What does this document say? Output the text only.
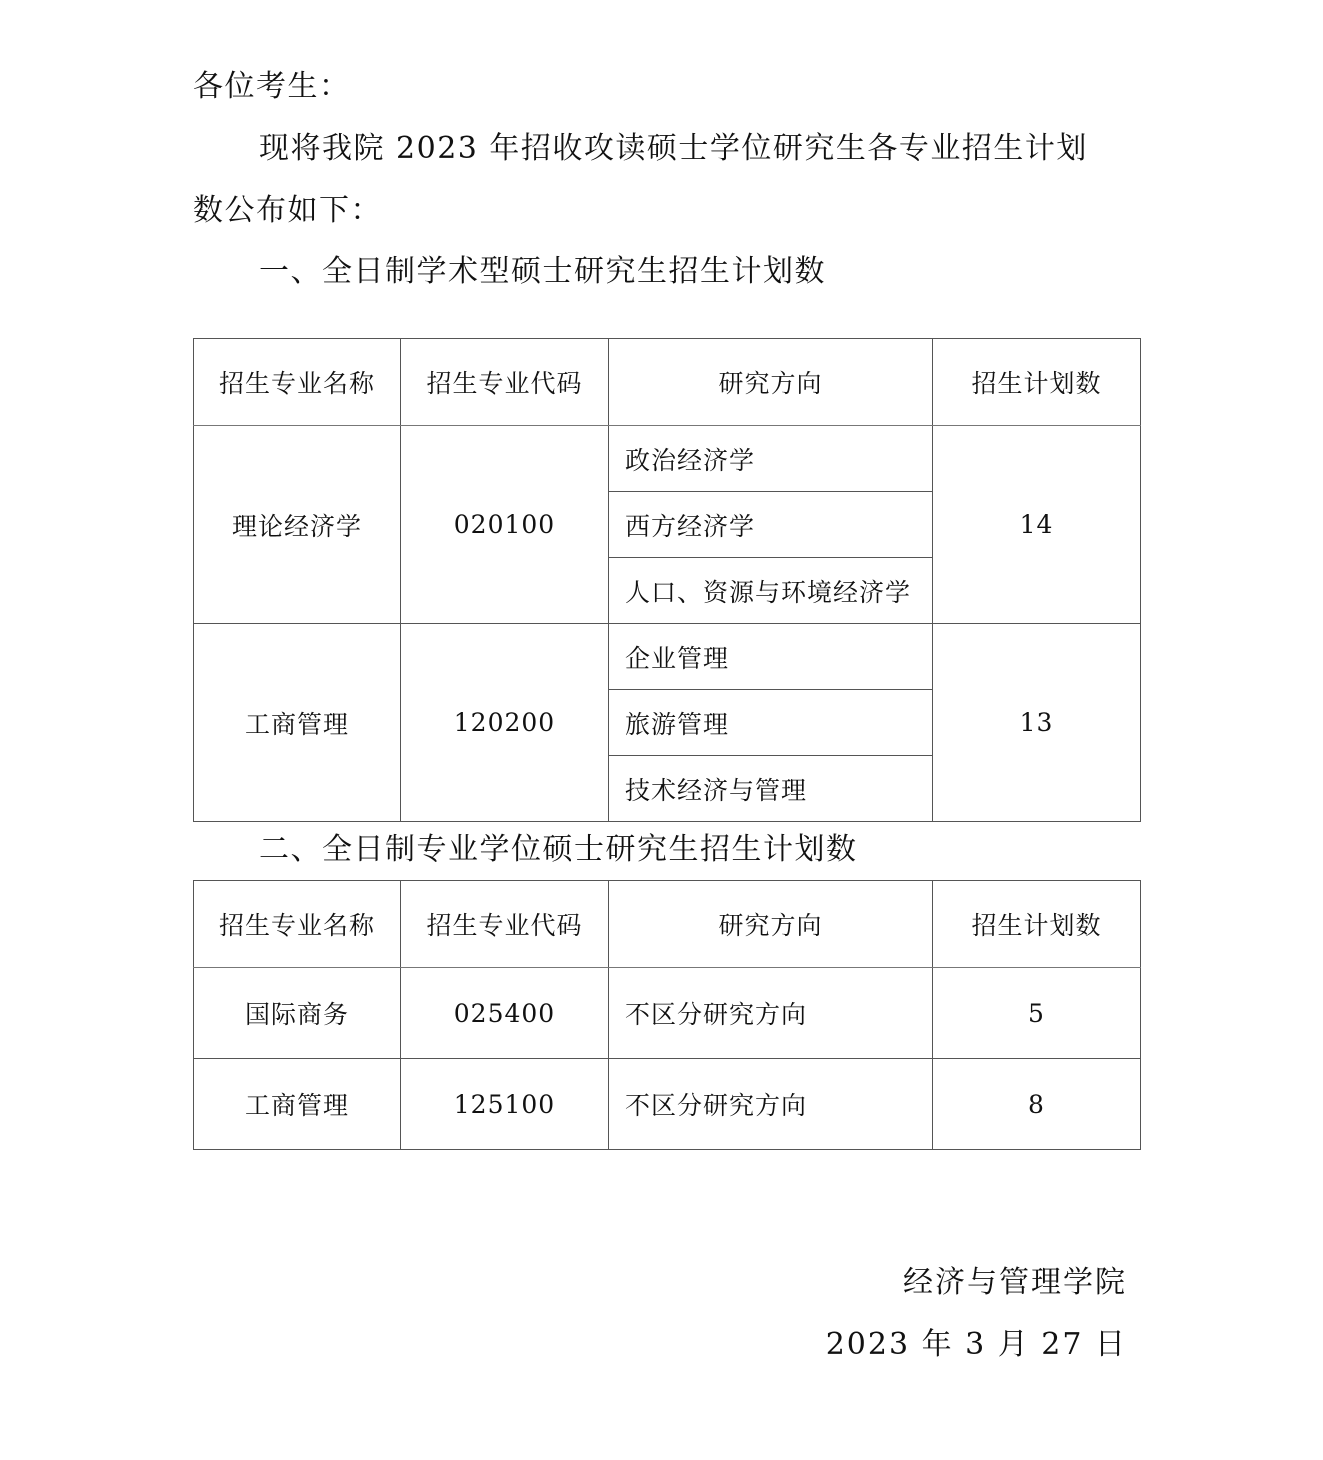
各位考生：
现将我院 2023 年招收攻读硕士学位研究生各专业招生计划
数公布如下：
一、全日制学术型硕士研究生招生计划数
招生专业名称	招生专业代码	研究方向	招生计划数
理论经济学	020100	政治经济学	14
		西方经济学	
		人口、资源与环境经济学	
工商管理	120200	企业管理	13
		旅游管理	
		技术经济与管理	
二、全日制专业学位硕士研究生招生计划数
招生专业名称	招生专业代码	研究方向	招生计划数
国际商务	025400	不区分研究方向	5
工商管理	125100	不区分研究方向	8
经济与管理学院
2023 年 3 月 27 日
